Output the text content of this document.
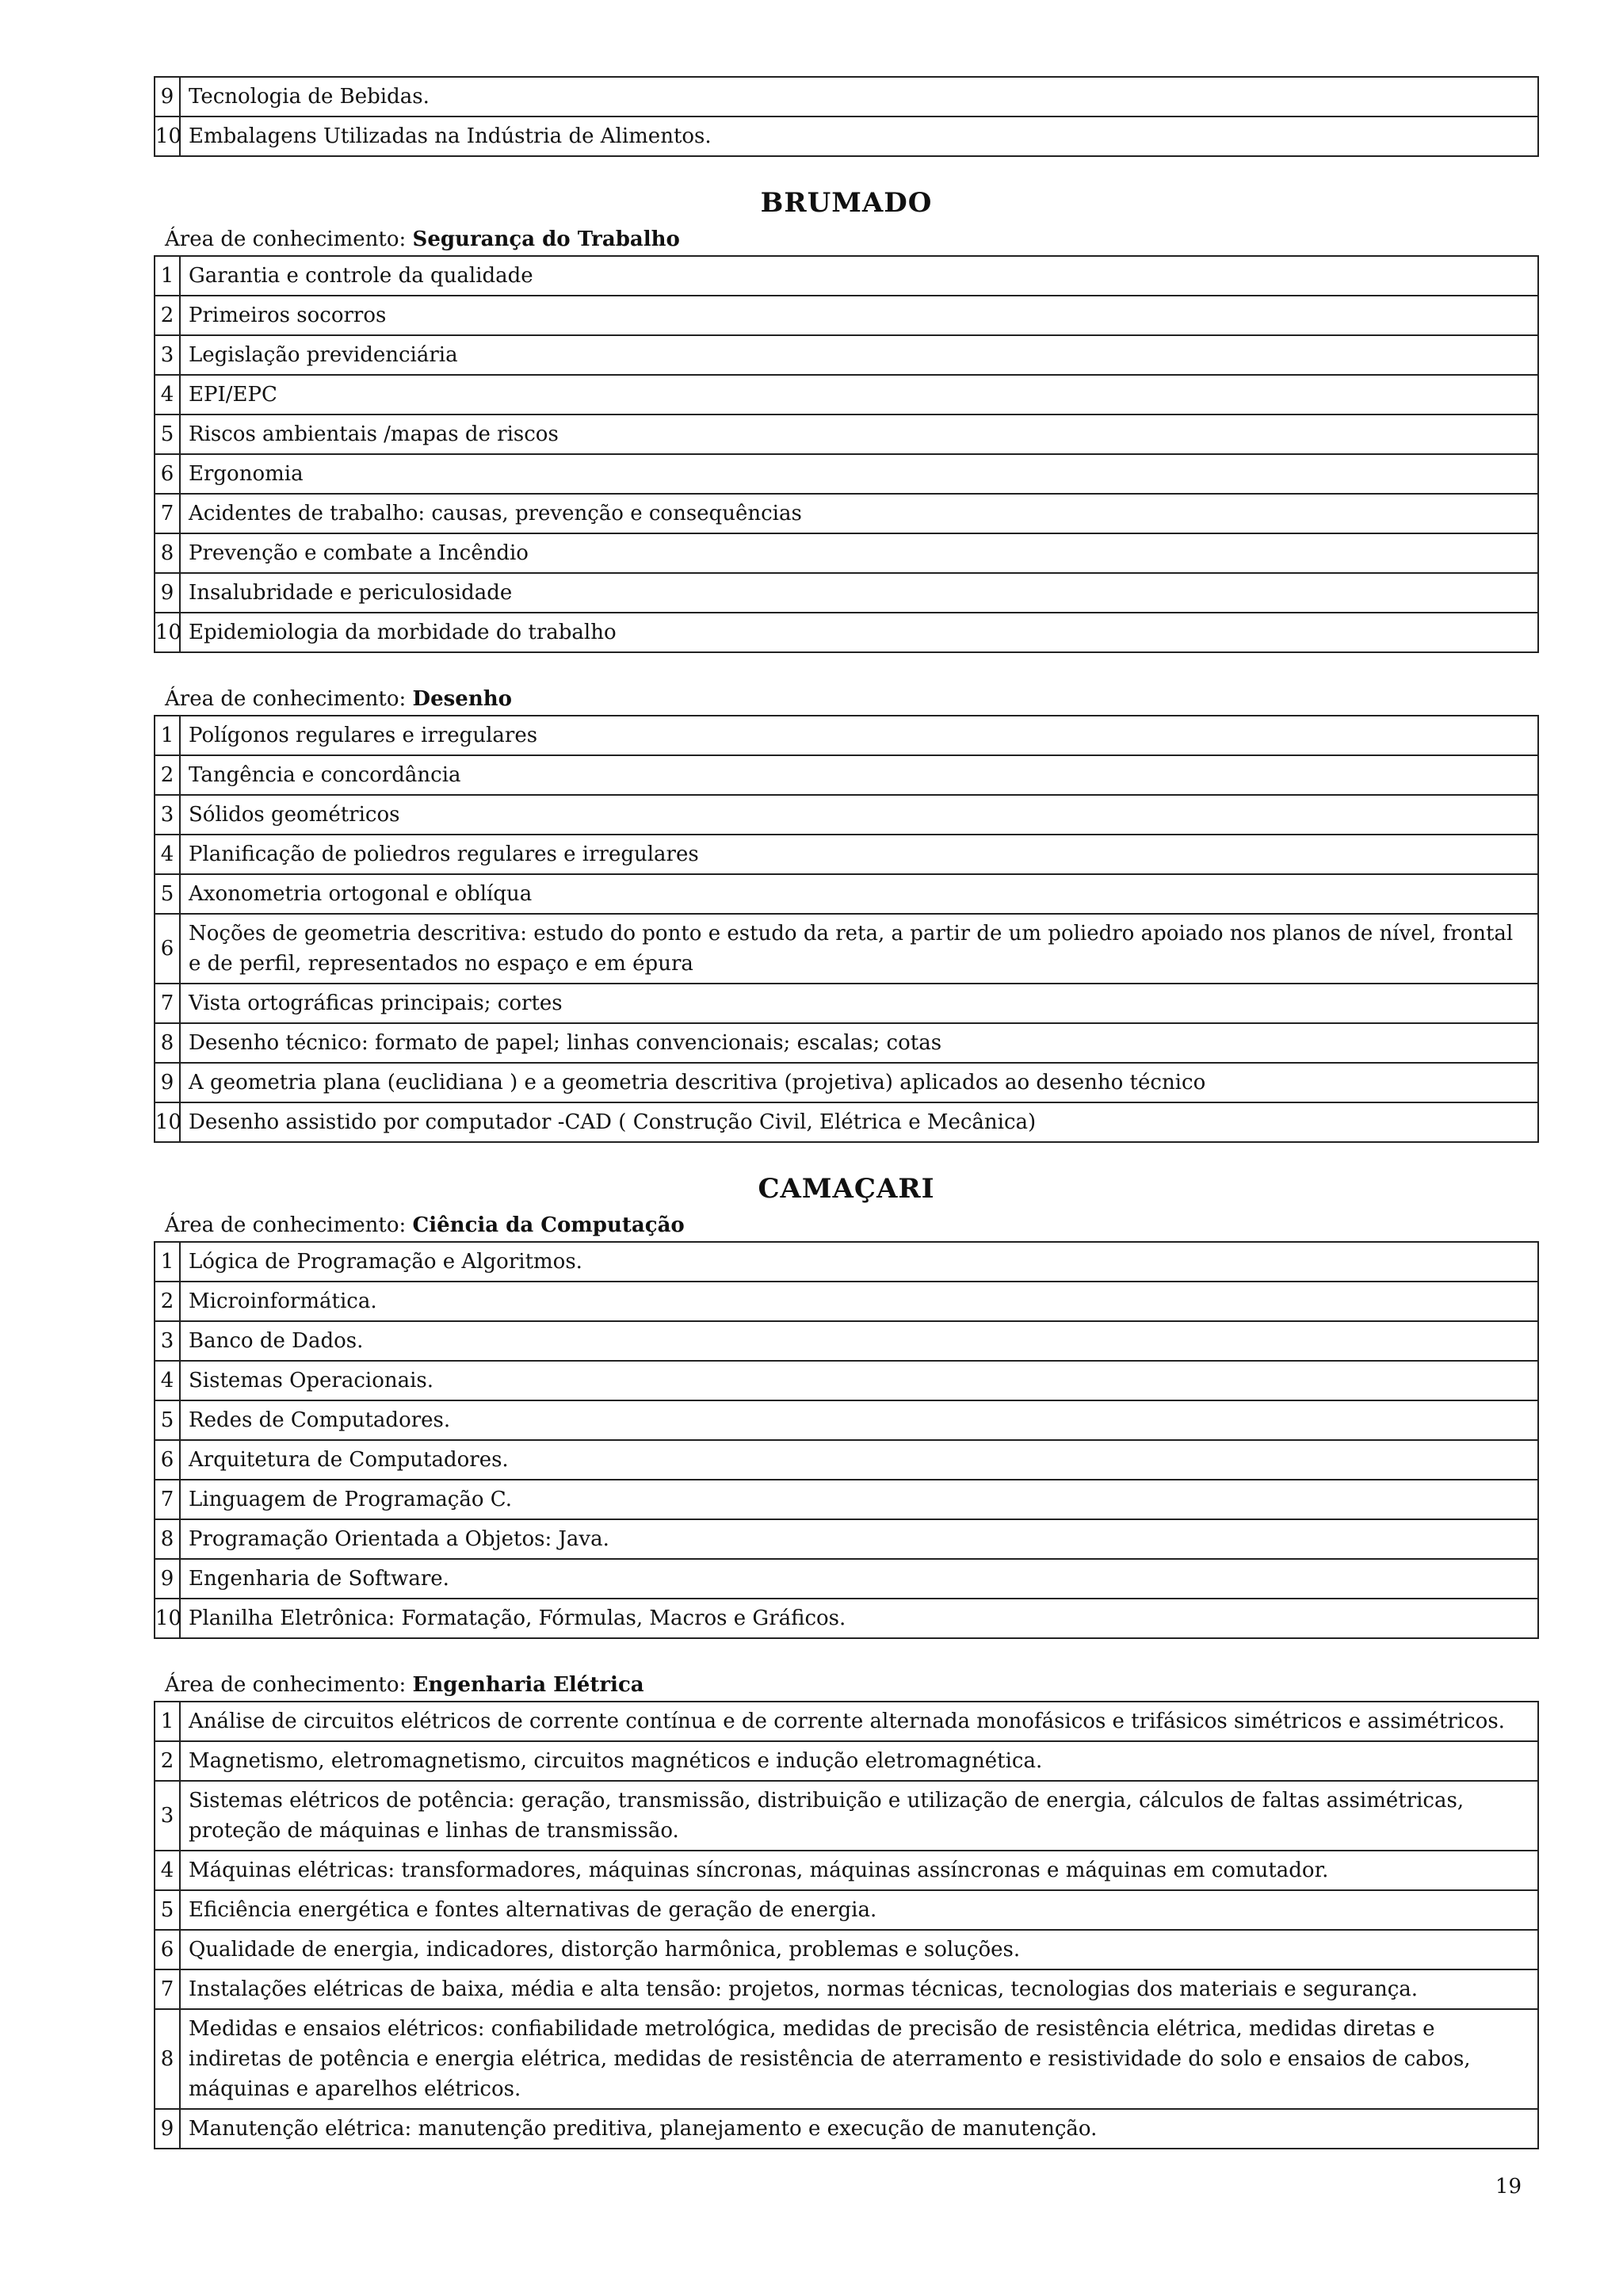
9	Tecnologia de Bebidas.
10	Embalagens Utilizadas na Indústria de Alimentos.
BRUMADO
Área de conhecimento: Segurança do Trabalho
1	Garantia e controle da qualidade
2	Primeiros socorros
3	Legislação previdenciária
4	EPI/EPC
5	Riscos ambientais /mapas de riscos
6	Ergonomia
7	Acidentes de trabalho: causas, prevenção e consequências
8	Prevenção e combate a Incêndio
9	Insalubridade e periculosidade
10	Epidemiologia da morbidade do trabalho
Área de conhecimento: Desenho
1	Polígonos regulares e irregulares
2	Tangência e concordância
3	Sólidos geométricos
4	Planificação de poliedros regulares e irregulares
5	Axonometria ortogonal e oblíqua
6	Noções de geometria descritiva: estudo do ponto e estudo da reta, a partir de um poliedro apoiado nos planos de nível, frontal e de perfil, representados no espaço e em épura
7	Vista ortográficas principais; cortes
8	Desenho técnico: formato de papel; linhas convencionais; escalas; cotas
9	A geometria plana (euclidiana ) e a geometria descritiva (projetiva) aplicados ao desenho técnico
10	Desenho assistido por computador -CAD ( Construção Civil, Elétrica e Mecânica)
CAMAÇARI
Área de conhecimento: Ciência da Computação
1	Lógica de Programação e Algoritmos.
2	Microinformática.
3	Banco de Dados.
4	Sistemas Operacionais.
5	Redes de Computadores.
6	Arquitetura de Computadores.
7	Linguagem de Programação C.
8	Programação Orientada a Objetos: Java.
9	Engenharia de Software.
10	Planilha Eletrônica: Formatação, Fórmulas, Macros e Gráficos.
Área de conhecimento: Engenharia Elétrica
1	Análise de circuitos elétricos de corrente contínua e de corrente alternada monofásicos e trifásicos simétricos e assimétricos.
2	Magnetismo, eletromagnetismo, circuitos magnéticos e indução eletromagnética.
3	Sistemas elétricos de potência: geração, transmissão, distribuição e utilização de energia, cálculos de faltas assimétricas, proteção de máquinas e linhas de transmissão.
4	Máquinas elétricas: transformadores, máquinas síncronas, máquinas assíncronas e máquinas em comutador.
5	Eficiência energética e fontes alternativas de geração de energia.
6	Qualidade de energia, indicadores, distorção harmônica, problemas e soluções.
7	Instalações elétricas de baixa, média e alta tensão: projetos, normas técnicas, tecnologias dos materiais e segurança.
8	Medidas e ensaios elétricos: confiabilidade metrológica, medidas de precisão de resistência elétrica, medidas diretas e indiretas de potência e energia elétrica, medidas de resistência de aterramento e resistividade do solo e ensaios de cabos, máquinas e aparelhos elétricos.
9	Manutenção elétrica: manutenção preditiva, planejamento e execução de manutenção.
19
